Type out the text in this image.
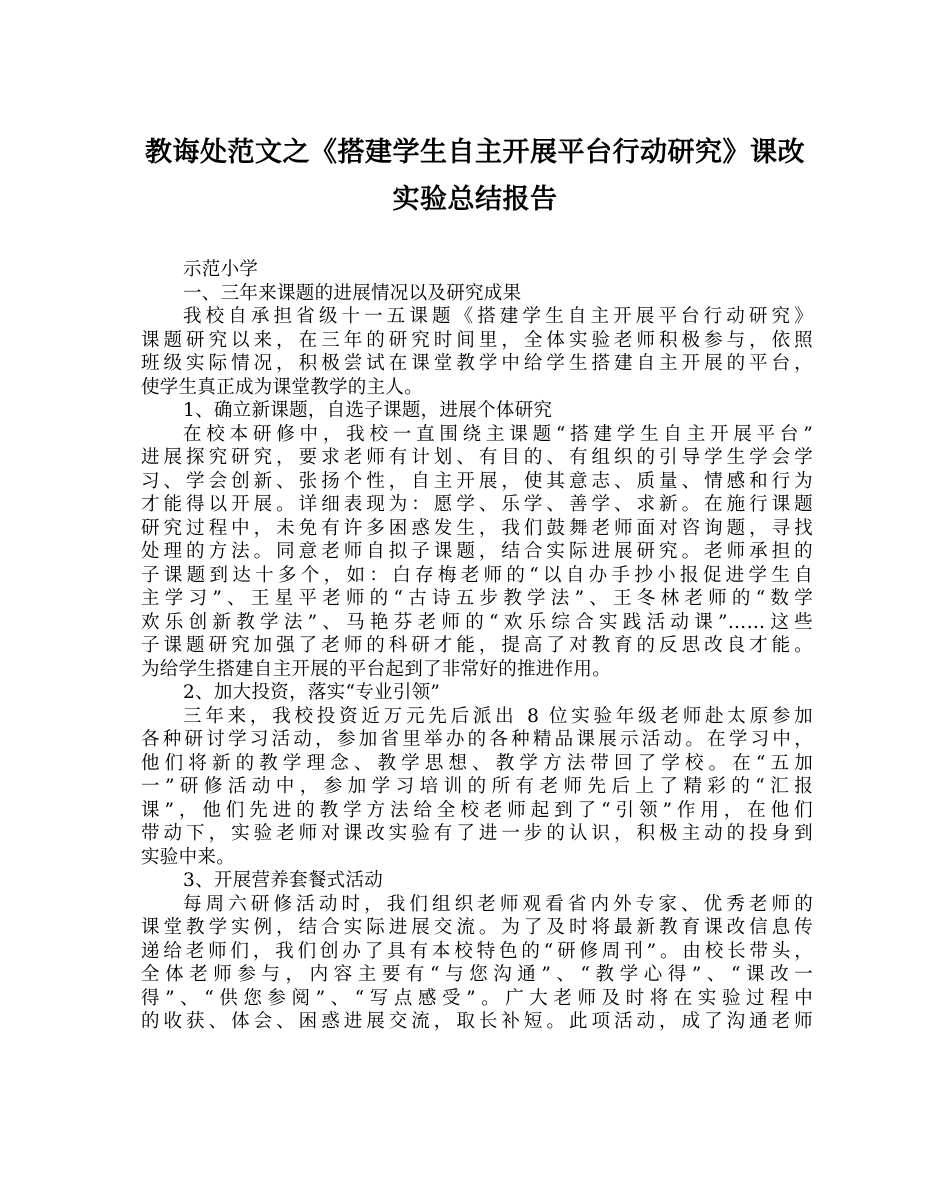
教诲处范文之《搭建学生自主开展平台行动研究》课改
实验总结报告
示范小学
一、三年来课题的进展情况以及研究成果
我校自承担省级十一五课题《搭建学生自主开展平台行动研究》
课题研究以来，在三年的研究时间里，全体实验老师积极参与，依照
班级实际情况，积极尝试在课堂教学中给学生搭建自主开展的平台，
使学生真正成为课堂教学的主人。
1、确立新课题，自选子课题，进展个体研究
在校本研修中，我校一直围绕主课题“搭建学生自主开展平台”
进展探究研究，要求老师有计划、有目的、有组织的引导学生学会学
习、学会创新、张扬个性，自主开展，使其意志、质量、情感和行为
才能得以开展。详细表现为：愿学、乐学、善学、求新。在施行课题
研究过程中，未免有许多困惑发生，我们鼓舞老师面对咨询题，寻找
处理的方法。同意老师自拟子课题，结合实际进展研究。老师承担的
子课题到达十多个，如：白存梅老师的“以自办手抄小报促进学生自
主学习”、王星平老师的“古诗五步教学法”、王冬林老师的“数学
欢乐创新教学法”、马艳芬老师的“欢乐综合实践活动课”……这些
子课题研究加强了老师的科研才能，提高了对教育的反思改良才能。
为给学生搭建自主开展的平台起到了非常好的推进作用。
2、加大投资，落实“专业引领”
三年来，我校投资近万元先后派出 8 位实验年级老师赴太原参加
各种研讨学习活动，参加省里举办的各种精品课展示活动。在学习中，
他们将新的教学理念、教学思想、教学方法带回了学校。在“五加
一”研修活动中，参加学习培训的所有老师先后上了精彩的“汇报
课”，他们先进的教学方法给全校老师起到了“引领”作用，在他们
带动下，实验老师对课改实验有了进一步的认识，积极主动的投身到
实验中来。
3、开展营养套餐式活动
每周六研修活动时，我们组织老师观看省内外专家、优秀老师的
课堂教学实例，结合实际进展交流。为了及时将最新教育课改信息传
递给老师们，我们创办了具有本校特色的“研修周刊”。由校长带头，
全体老师参与，内容主要有“与您沟通”、“教学心得”、“课改一
得”、“供您参阅”、“写点感受”。广大老师及时将在实验过程中
的收获、体会、困惑进展交流，取长补短。此项活动，成了沟通老师
